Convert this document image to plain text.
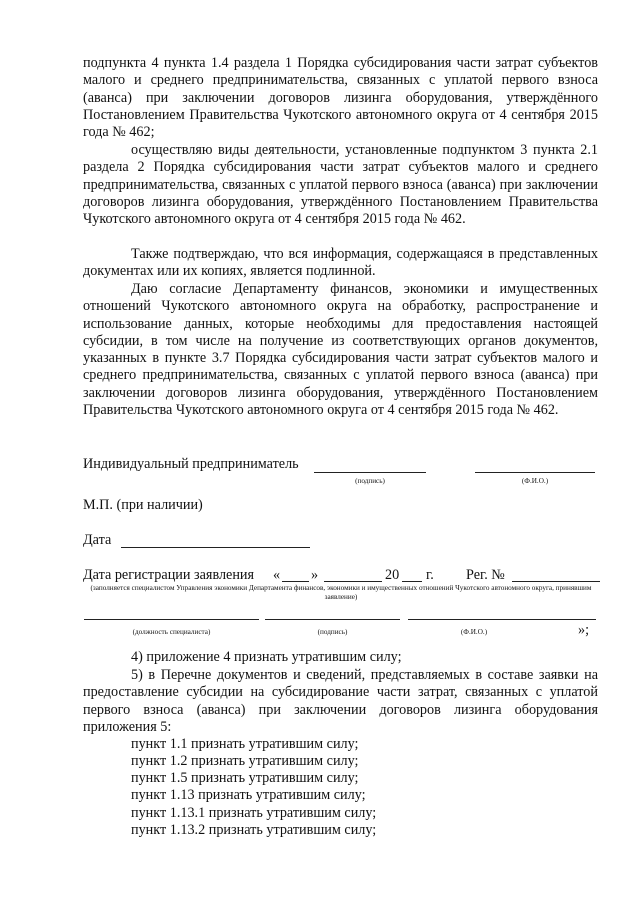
подпункта 4 пункта 1.4 раздела 1 Порядка субсидирования части затрат субъектов малого и среднего предпринимательства, связанных с уплатой первого взноса (аванса) при заключении договоров лизинга оборудования, утверждённого Постановлением Правительства Чукотского автономного округа от 4 сентября 2015 года № 462;

осуществляю виды деятельности, установленные подпунктом 3 пункта 2.1 раздела 2 Порядка субсидирования части затрат субъектов малого и среднего предпринимательства, связанных с уплатой первого взноса (аванса) при заключении договоров лизинга оборудования, утверждённого Постановлением Правительства Чукотского автономного округа от 4 сентября 2015 года № 462.

Также подтверждаю, что вся информация, содержащаяся в представленных документах или их копиях, является подлинной.

Даю согласие Департаменту финансов, экономики и имущественных отношений Чукотского автономного округа на обработку, распространение и использование данных, которые необходимы для предоставления настоящей субсидии, в том числе на получение из соответствующих органов документов, указанных в пункте 3.7 Порядка субсидирования части затрат субъектов малого и среднего предпринимательства, связанных с уплатой первого взноса (аванса) при заключении договоров лизинга оборудования, утверждённого Постановлением Правительства Чукотского автономного округа от 4 сентября 2015 года № 462.

Индивидуальный предприниматель
(подпись)	(Ф.И.О.)
М.П. (при наличии)
Дата
Дата регистрации заявления « »	20 г. Рег. №
(заполняется специалистом Управления экономики Департамента финансов, экономики и имущественных отношений Чукотского автономного округа, принявшим заявление)
(должность специалиста)	(подпись)	(Ф.И.О.)	»;

4) приложение 4 признать утратившим силу;

5) в Перечне документов и сведений, представляемых в составе заявки на предоставление субсидии на субсидирование части затрат, связанных с уплатой первого взноса (аванса) при заключении договоров лизинга оборудования приложения 5:

пункт 1.1 признать утратившим силу;
пункт 1.2 признать утратившим силу;
пункт 1.5 признать утратившим силу;
пункт 1.13 признать утратившим силу;
пункт 1.13.1 признать утратившим силу;
пункт 1.13.2 признать утратившим силу;
